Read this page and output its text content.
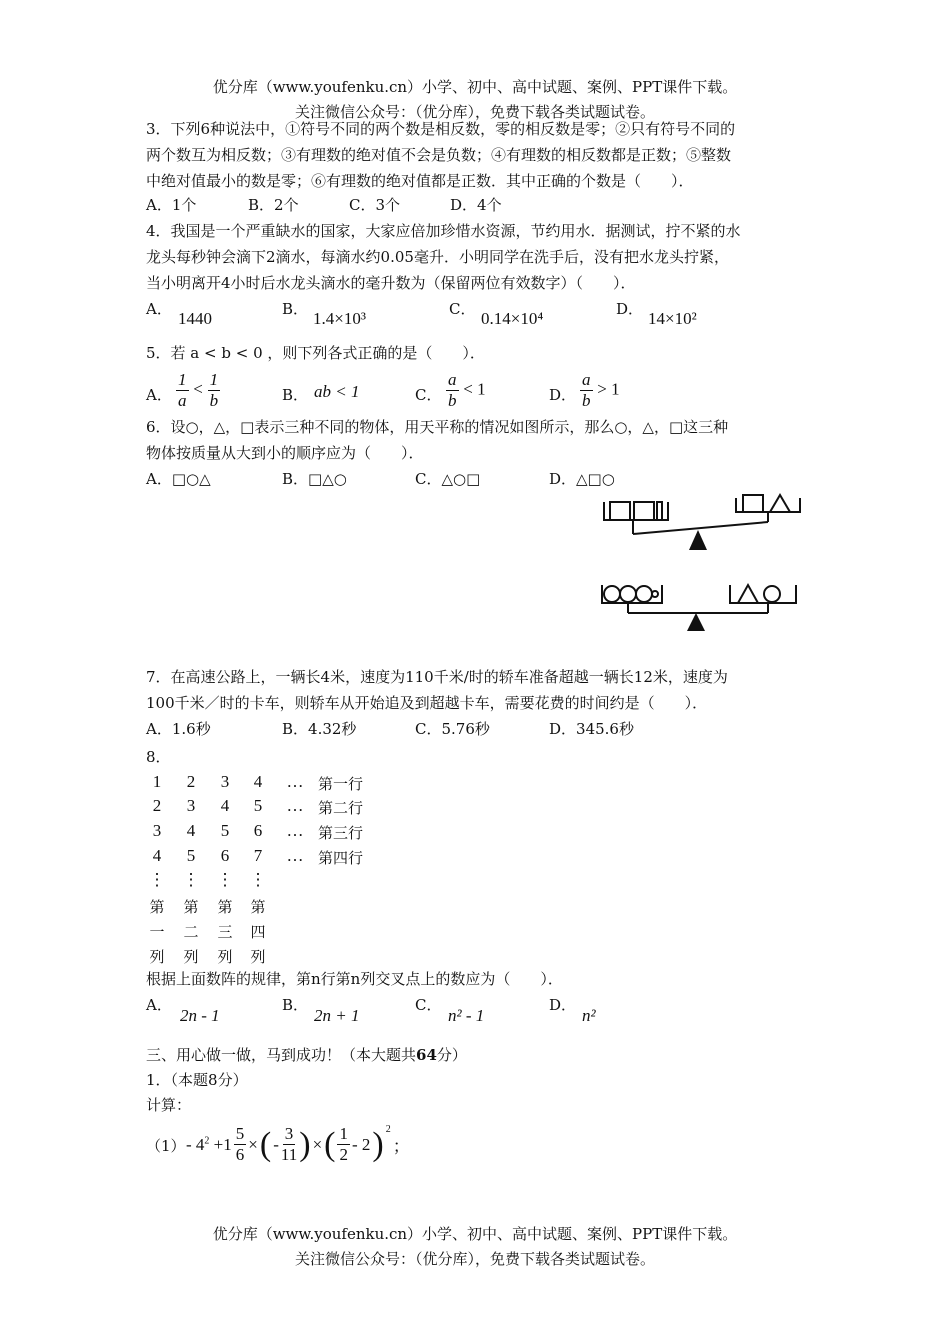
优分库（www.youfenku.cn）小学、初中、高中试题、案例、PPT课件下载。
关注微信公众号：（优分库），免费下载各类试题试卷。
3．下列6种说法中，①符号不同的两个数是相反数，零的相反数是零；②只有符号不同的
两个数互为相反数；③有理数的绝对值不会是负数；④有理数的相反数都是正数；⑤整数
中绝对值最小的数是零；⑥有理数的绝对值都是正数．其中正确的个数是（　　）．
A．1个	B．2个	C．3个	D．4个
4．我国是一个严重缺水的国家，大家应倍加珍惜水资源，节约用水．据测试，拧不紧的水
龙头每秒钟会滴下2滴水，每滴水约0.05毫升．小明同学在洗手后，没有把水龙头拧紧，
当小明离开4小时后水龙头滴水的毫升数为（保留两位有效数字）（　　）．
A． 1440	B． 1.4×10³	C． 0.14×10⁴	D． 14×10²
5．若 a < b < 0 ，则下列各式正确的是（　　）．
A． $\frac{1}{a} < \frac{1}{b}$	B． ab < 1	C． $\frac{a}{b} < 1$	D． $\frac{a}{b} > 1$
6．设○，△，□表示三种不同的物体，用天平称的情况如图所示，那么○，△，□这三种
物体按质量从大到小的顺序应为（　　）．
A．□○△	B．□△○	C．△○□	D．△□○
7．在高速公路上，一辆长4米，速度为110千米/时的轿车准备超越一辆长12米，速度为
100千米／时的卡车，则轿车从开始追及到超越卡车，需要花费的时间约是（　　）．
A．1.6秒	B．4.32秒	C．5.76秒	D．345.6秒
8．
1	2	3	4	… 第一行
2	3	4	5	… 第二行
3	4	5	6	… 第三行
4	5	6	7	… 第四行
⋮	⋮	⋮ ⋮
第	第	第	第
一	二	三	四
列	列	列	列
根据上面数阵的规律，第n行第n列交叉点上的数应为（　　）．
A．
2n - 1
B．
2n + 1
C．
n² - 1
D．
n²
三、用心做一做，马到成功！（本大题共64分）
1．（本题8分）
计算：
$(1) - 4^2 +1 \frac{5}{6}$ × ( - $\frac{3}{11}$ ) × ( $\frac{1}{2} - 2$ )$^2$
；
优分库（www.youfenku.cn）小学、初中、高中试题、案例、PPT课件下载。
关注微信公众号：（优分库），免费下载各类试题试卷。
